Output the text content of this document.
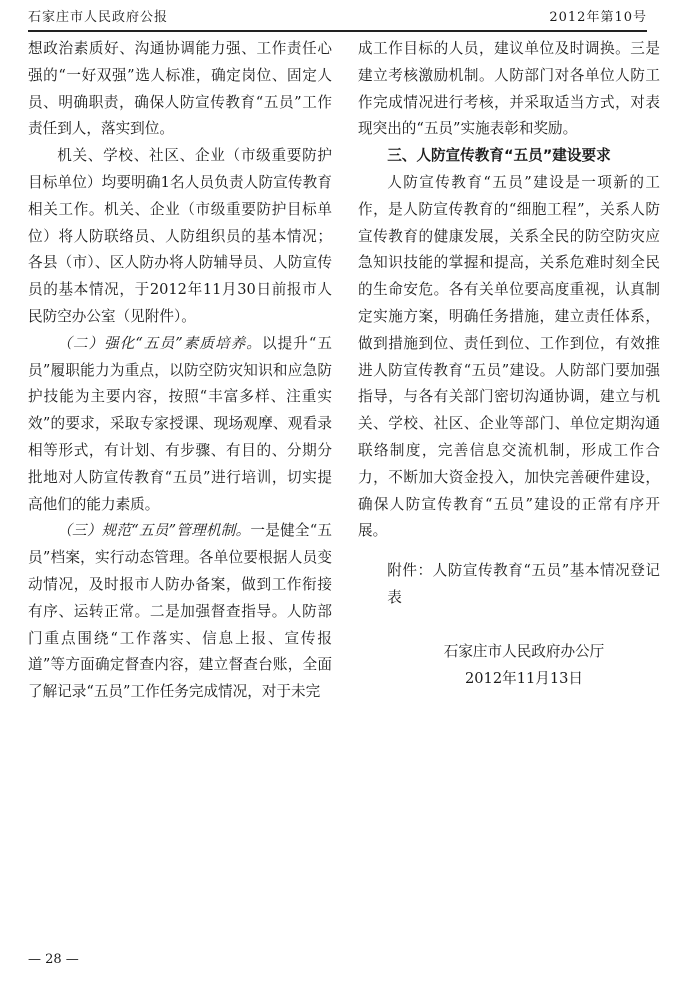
石家庄市人民政府公报	2012年第10号

想政治素质好、沟通协调能力强、工作责任心强的“一好双强”选人标准，确定岗位、固定人员、明确职责，确保人防宣传教育“五员”工作责任到人，落实到位。

机关、学校、社区、企业（市级重要防护目标单位）均要明确1名人员负责人防宣传教育相关工作。机关、企业（市级重要防护目标单位）将人防联络员、人防组织员的基本情况；各县（市）、区人防办将人防辅导员、人防宣传员的基本情况，于2012年11月30日前报市人民防空办公室（见附件）。

（二）强化“五员”素质培养。以提升“五员”履职能力为重点，以防空防灾知识和应急防护技能为主要内容，按照“丰富多样、注重实效”的要求，采取专家授课、现场观摩、观看录相等形式，有计划、有步骤、有目的、分期分批地对人防宣传教育“五员”进行培训，切实提高他们的能力素质。

（三）规范“五员”管理机制。一是健全“五员”档案，实行动态管理。各单位要根据人员变动情况，及时报市人防办备案，做到工作衔接有序、运转正常。二是加强督查指导。人防部门重点围绕“工作落实、信息上报、宣传报道”等方面确定督查内容，建立督查台账，全面了解记录“五员”工作任务完成情况，对于未完

成工作目标的人员，建议单位及时调换。三是建立考核激励机制。人防部门对各单位人防工作完成情况进行考核，并采取适当方式，对表现突出的“五员”实施表彰和奖励。

三、人防宣传教育“五员”建设要求

人防宣传教育“五员”建设是一项新的工作，是人防宣传教育的“细胞工程”，关系人防宣传教育的健康发展，关系全民的防空防灾应急知识技能的掌握和提高，关系危难时刻全民的生命安危。各有关单位要高度重视，认真制定实施方案，明确任务措施，建立责任体系，做到措施到位、责任到位、工作到位，有效推进人防宣传教育“五员”建设。人防部门要加强指导，与各有关部门密切沟通协调，建立与机关、学校、社区、企业等部门、单位定期沟通联络制度，完善信息交流机制，形成工作合力，不断加大资金投入，加快完善硬件建设，确保人防宣传教育“五员”建设的正常有序开展。

附件：人防宣传教育“五员”基本情况登记表

石家庄市人民政府办公厅

2012年11月13日

— 28 —
